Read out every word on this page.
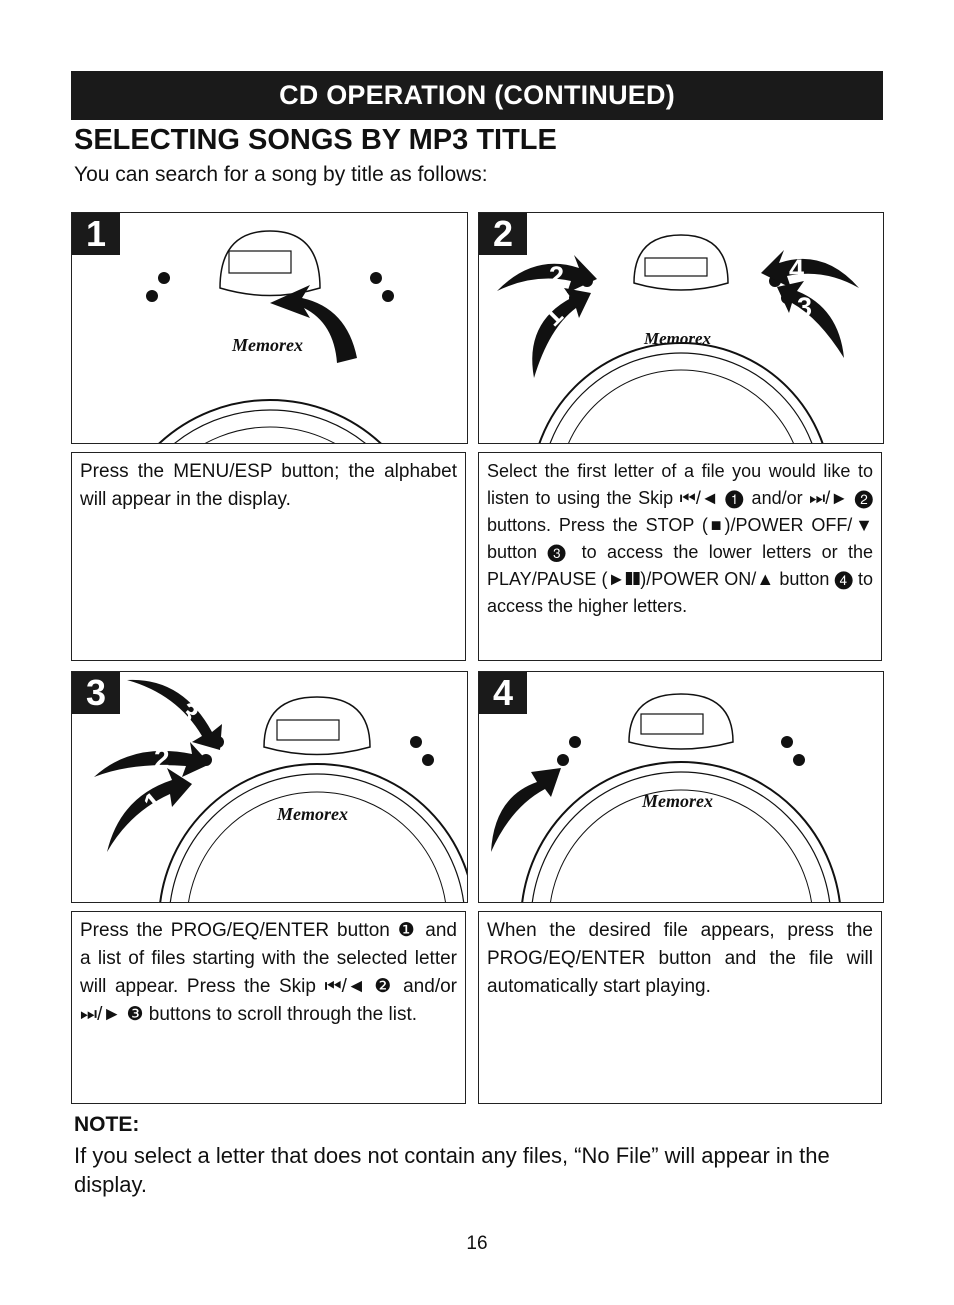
CD OPERATION (CONTINUED)
SELECTING SONGS BY MP3 TITLE

You can search for a song by title as follows:

1
Memorex
2
Memorex
2
1
4
3
Press the MENU/ESP button; the alphabet will appear in the display.
Select the first letter of a file you would like to listen to using the Skip ⏮/◄ ❶ and/or ⏭/► ❷ buttons. Press the STOP (■)/POWER OFF/▼ button ❸ to access the lower letters or the PLAY/PAUSE (►❚❚)/POWER ON/▲ button ❹ to access the higher letters.
3
Memorex
3
2
1
4
Memorex
Press the PROG/EQ/ENTER button ❶ and a list of files starting with the selected letter will appear. Press the Skip ⏮/◄ ❷ and/or ⏭/► ❸ buttons to scroll through the list.
When the desired file appears, press the PROG/EQ/ENTER button and the file will automatically start playing.

NOTE:

If you select a letter that does not contain any files, “No File” will appear in the display.

16
